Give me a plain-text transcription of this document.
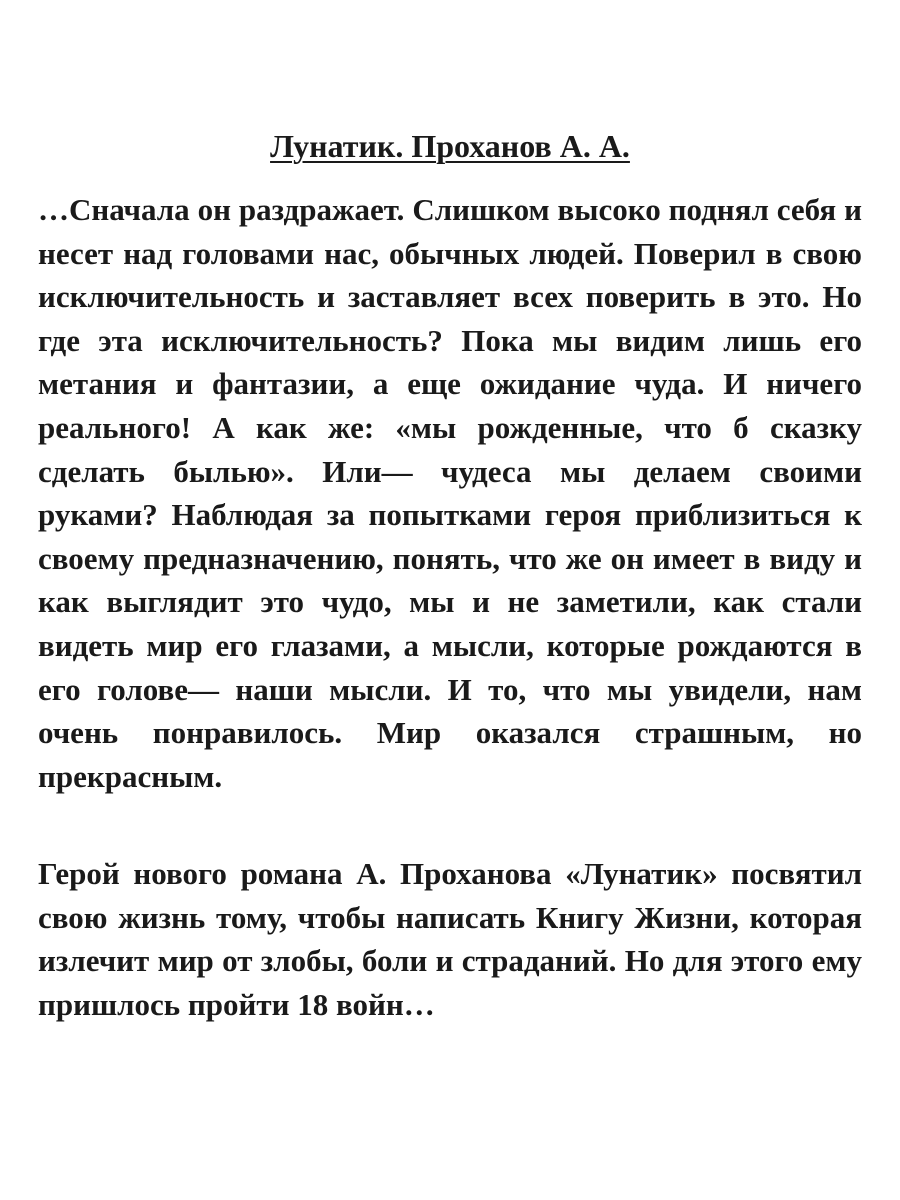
Лунатик. Проханов А. А.

…Сначала он раздражает. Слишком высоко поднял себя и несет над головами нас, обычных людей. Поверил в свою исключительность и заставляет всех поверить в это. Но где эта исключительность? Пока мы видим лишь его метания и фантазии, а еще ожидание чуда. И ничего реального! А как же: «мы рожденные, что б сказку сделать былью». Или— чудеса мы делаем своими руками? Наблюдая за попытками героя приблизиться к своему предназначению, понять, что же он имеет в виду и как выглядит это чудо, мы и не заметили, как стали видеть мир его глазами, а мысли, которые рождаются в его голове— наши мысли. И то, что мы увидели, нам очень понравилось. Мир оказался страшным, но прекрасным.

Герой нового романа А. Проханова «Лунатик» посвятил свою жизнь тому, чтобы написать Книгу Жизни, которая излечит мир от злобы, боли и страданий. Но для этого ему пришлось пройти 18 войн…
